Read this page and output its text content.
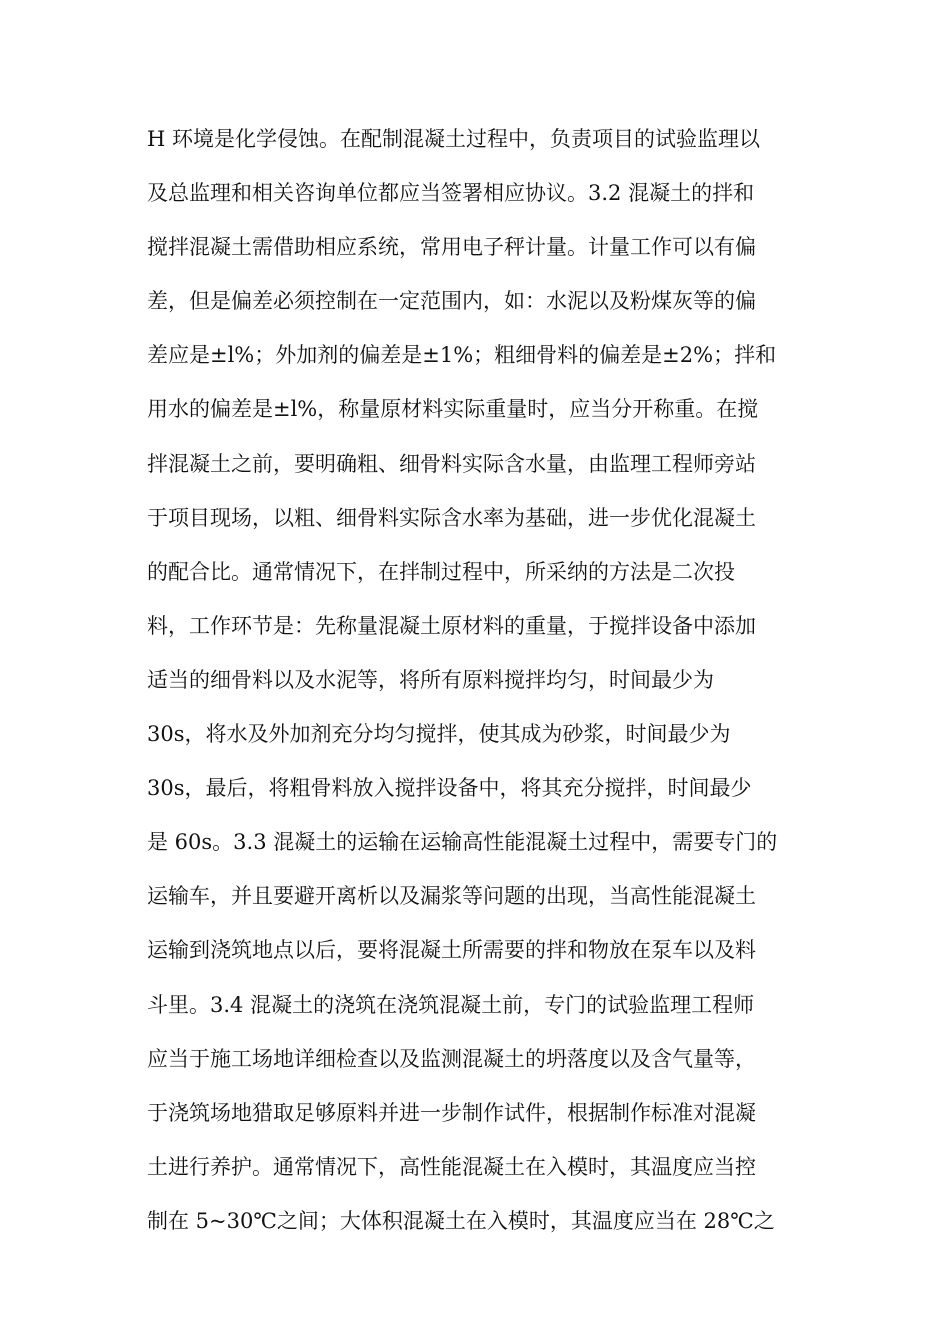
H 环境是化学侵蚀。在配制混凝土过程中，负责项目的试验监理以
及总监理和相关咨询单位都应当签署相应协议。3.2 混凝土的拌和
搅拌混凝土需借助相应系统，常用电子秤计量。计量工作可以有偏
差，但是偏差必须控制在一定范围内，如：水泥以及粉煤灰等的偏
差应是±l%；外加剂的偏差是±1%；粗细骨料的偏差是±2%；拌和
用水的偏差是±l%，称量原材料实际重量时，应当分开称重。在搅
拌混凝土之前，要明确粗、细骨料实际含水量，由监理工程师旁站
于项目现场，以粗、细骨料实际含水率为基础，进一步优化混凝土
的配合比。通常情况下，在拌制过程中，所采纳的方法是二次投
料，工作环节是：先称量混凝土原材料的重量，于搅拌设备中添加
适当的细骨料以及水泥等，将所有原料搅拌均匀，时间最少为
30s，将水及外加剂充分均匀搅拌，使其成为砂浆，时间最少为
30s，最后，将粗骨料放入搅拌设备中，将其充分搅拌，时间最少
是 60s。3.3 混凝土的运输在运输高性能混凝土过程中，需要专门的
运输车，并且要避开离析以及漏浆等问题的出现，当高性能混凝土
运输到浇筑地点以后，要将混凝土所需要的拌和物放在泵车以及料
斗里。3.4 混凝土的浇筑在浇筑混凝土前，专门的试验监理工程师
应当于施工场地详细检查以及监测混凝土的坍落度以及含气量等，
于浇筑场地猎取足够原料并进一步制作试件，根据制作标准对混凝
土进行养护。通常情况下，高性能混凝土在入模时，其温度应当控
制在 5~30℃之间；大体积混凝土在入模时，其温度应当在 28℃之
